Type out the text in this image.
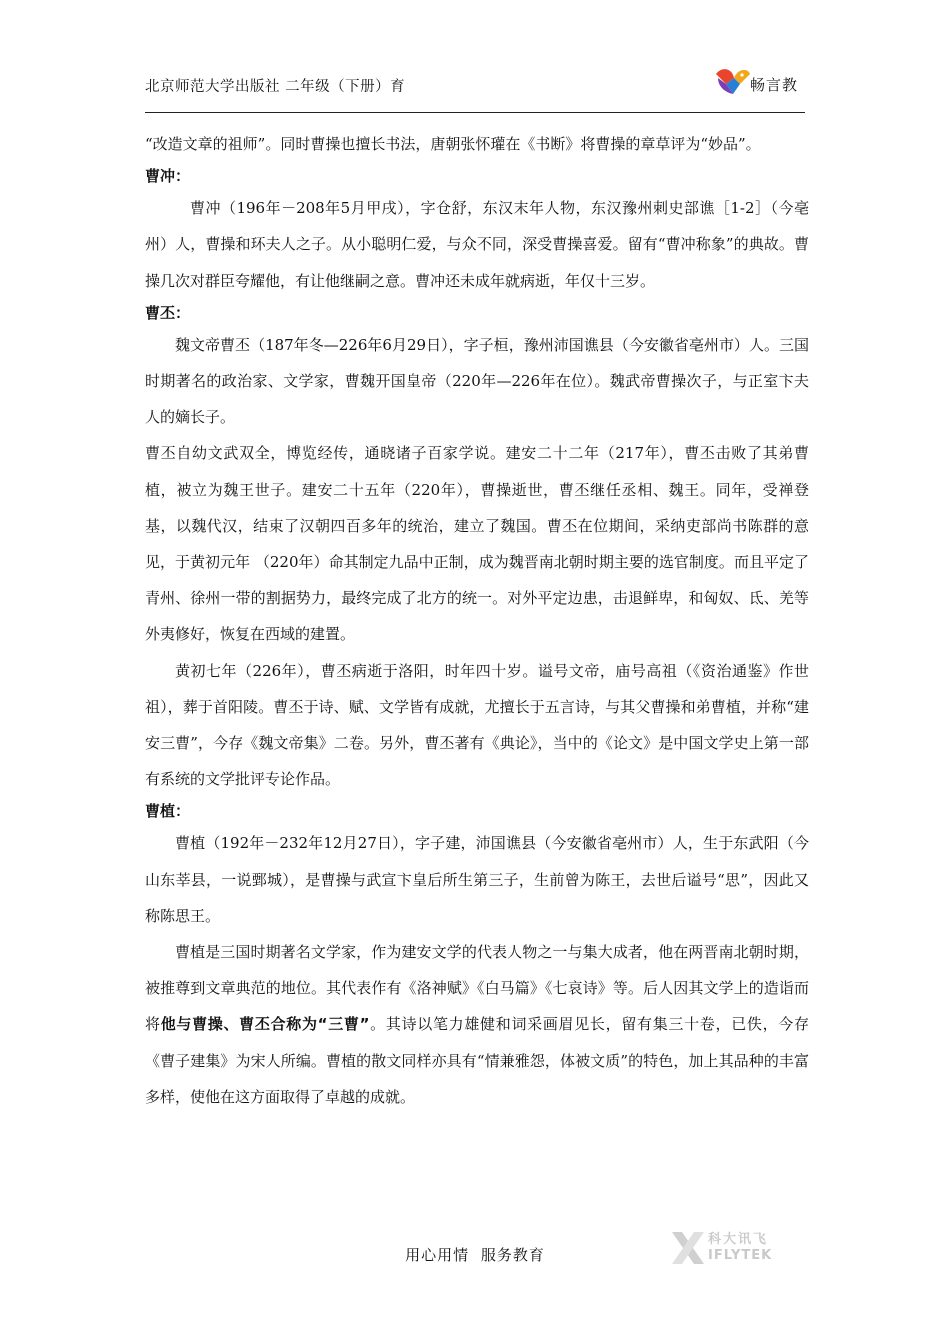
北京师范大学出版社 二年级（下册）育	畅言教

“改造文章的祖师”。同时曹操也擅长书法，唐朝张怀瓘在《书断》将曹操的章草评为“妙品”。

曹冲：

曹冲（196年－208年5月甲戌），字仓舒，东汉末年人物，东汉豫州刺史部谯［1-2］（今亳州）人，曹操和环夫人之子。从小聪明仁爱，与众不同，深受曹操喜爱。留有“曹冲称象”的典故。曹操几次对群臣夸耀他，有让他继嗣之意。曹冲还未成年就病逝，年仅十三岁。

曹丕：

魏文帝曹丕（187年冬—226年6月29日），字子桓，豫州沛国谯县（今安徽省亳州市）人。三国时期著名的政治家、文学家，曹魏开国皇帝（220年—226年在位）。魏武帝曹操次子，与正室卞夫人的嫡长子。

曹丕自幼文武双全，博览经传，通晓诸子百家学说。建安二十二年（217年），曹丕击败了其弟曹植，被立为魏王世子。建安二十五年（220年），曹操逝世，曹丕继任丞相、魏王。同年，受禅登基，以魏代汉，结束了汉朝四百多年的统治，建立了魏国。曹丕在位期间，采纳吏部尚书陈群的意见，于黄初元年 （220年）命其制定九品中正制，成为魏晋南北朝时期主要的选官制度。而且平定了青州、徐州一带的割据势力，最终完成了北方的统一。对外平定边患，击退鲜卑，和匈奴、氐、羌等外夷修好，恢复在西域的建置。

黄初七年（226年），曹丕病逝于洛阳，时年四十岁。谥号文帝，庙号高祖（《资治通鉴》作世祖），葬于首阳陵。曹丕于诗、赋、文学皆有成就，尤擅长于五言诗，与其父曹操和弟曹植，并称“建安三曹”，今存《魏文帝集》二卷。另外，曹丕著有《典论》，当中的《论文》是中国文学史上第一部有系统的文学批评专论作品。

曹植：

曹植（192年－232年12月27日），字子建，沛国谯县（今安徽省亳州市）人，生于东武阳（今山东莘县，一说鄄城），是曹操与武宣卞皇后所生第三子，生前曾为陈王，去世后谥号“思”，因此又称陈思王。

曹植是三国时期著名文学家，作为建安文学的代表人物之一与集大成者，他在两晋南北朝时期，被推尊到文章典范的地位。其代表作有《洛神赋》《白马篇》《七哀诗》等。后人因其文学上的造诣而将他与曹操、曹丕合称为“三曹”。其诗以笔力雄健和词采画眉见长，留有集三十卷，已佚，今存《曹子建集》为宋人所编。曹植的散文同样亦具有“情兼雅怨，体被文质”的特色，加上其品种的丰富多样，使他在这方面取得了卓越的成就。

用心用情 服务教育
科大讯飞
IFLYTEK
